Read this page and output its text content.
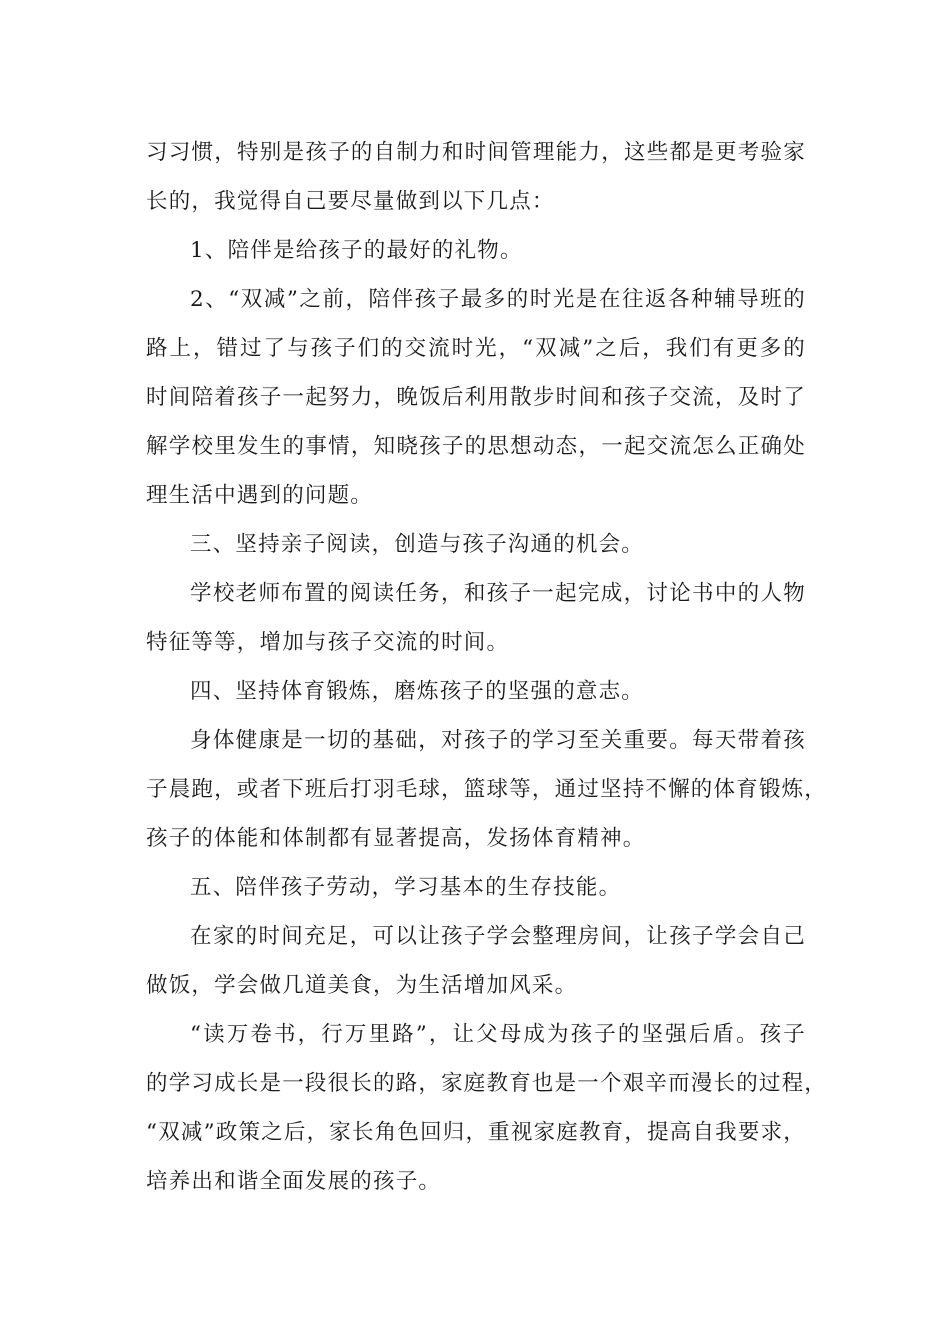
习习惯，特别是孩子的自制力和时间管理能力，这些都是更考验家
长的，我觉得自己要尽量做到以下几点：
1、陪伴是给孩子的最好的礼物。
2、“双减”之前，陪伴孩子最多的时光是在往返各种辅导班的
路上，错过了与孩子们的交流时光，“双减”之后，我们有更多的
时间陪着孩子一起努力，晚饭后利用散步时间和孩子交流，及时了
解学校里发生的事情，知晓孩子的思想动态，一起交流怎么正确处
理生活中遇到的问题。
三、坚持亲子阅读，创造与孩子沟通的机会。
学校老师布置的阅读任务，和孩子一起完成，讨论书中的人物
特征等等，增加与孩子交流的时间。
四、坚持体育锻炼，磨炼孩子的坚强的意志。
身体健康是一切的基础，对孩子的学习至关重要。每天带着孩
子晨跑，或者下班后打羽毛球，篮球等，通过坚持不懈的体育锻炼，
孩子的体能和体制都有显著提高，发扬体育精神。
五、陪伴孩子劳动，学习基本的生存技能。
在家的时间充足，可以让孩子学会整理房间，让孩子学会自己
做饭，学会做几道美食，为生活增加风采。
“读万卷书，行万里路”，让父母成为孩子的坚强后盾。孩子
的学习成长是一段很长的路，家庭教育也是一个艰辛而漫长的过程，
“双减”政策之后，家长角色回归，重视家庭教育，提高自我要求，
培养出和谐全面发展的孩子。
